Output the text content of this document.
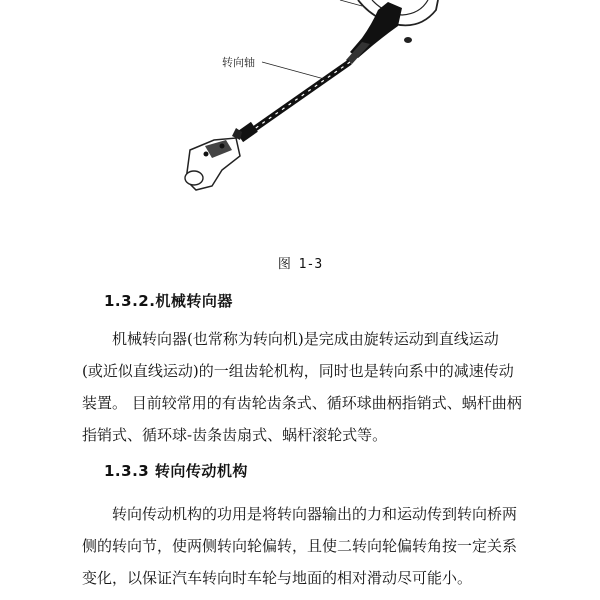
转向轴
图 1-3
1.3.2.机械转向器
机械转向器(也常称为转向机)是完成由旋转运动到直线运动
(或近似直线运动)的一组齿轮机构，同时也是转向系中的减速传动
装置。 目前较常用的有齿轮齿条式、循环球曲柄指销式、蜗杆曲柄
指销式、循环球-齿条齿扇式、蜗杆滚轮式等。
1.3.3 转向传动机构
转向传动机构的功用是将转向器输出的力和运动传到转向桥两
侧的转向节，使两侧转向轮偏转，且使二转向轮偏转角按一定关系
变化，以保证汽车转向时车轮与地面的相对滑动尽可能小。
